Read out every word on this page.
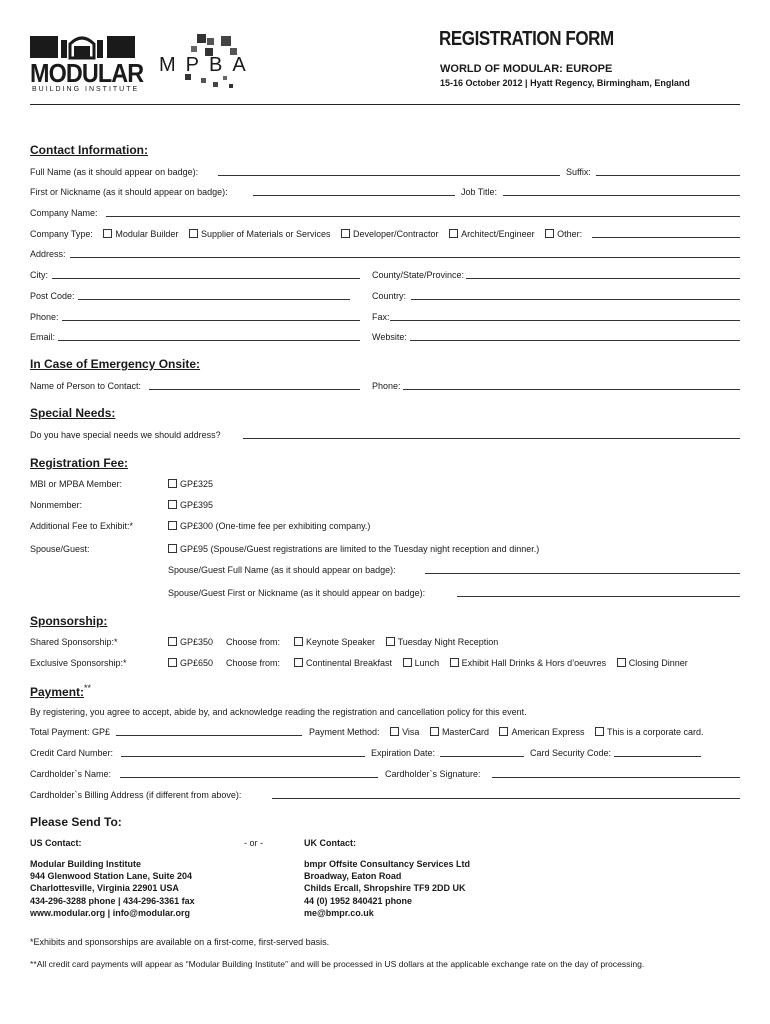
MODULAR
BUILDING INSTITUTE
MPBA
REGISTRATION FORM
WORLD OF MODULAR: EUROPE
15-16 October 2012 | Hyatt Regency, Birmingham, England
Contact Information:
Full Name (as it should appear on badge):	Suffix:
First or Nickname (as it should appear on badge):	Job Title:
Company Name:
Company Type:	Modular Builder	Supplier of Materials or Services	Developer/Contractor	Architect/Engineer	Other:
Address:
City:	County/State/Province:
Post Code:	Country:
Phone:	Fax:
Email:	Website:
In Case of Emergency Onsite:
Name of Person to Contact:	Phone:
Special Needs:
Do you have special needs we should address?
Registration Fee:
MBI or MPBA Member:	GP£325
Nonmember:	GP£395
Additional Fee to Exhibit:*	GP£300 (One-time fee per exhibiting company.)
Spouse/Guest:	GP£95 (Spouse/Guest registrations are limited to the Tuesday night reception and dinner.)
Spouse/Guest Full Name (as it should appear on badge):
Spouse/Guest First or Nickname (as it should appear on badge):
Sponsorship:
Shared Sponsorship:*	GP£350 Choose from:	Keynote Speaker	Tuesday Night Reception
Exclusive Sponsorship:*	GP£650 Choose from:	Continental Breakfast	Lunch	Exhibit Hall Drinks & Hors d’oeuvres	Closing Dinner
Payment:**
By registering, you agree to accept, abide by, and acknowledge reading the registration and cancellation policy for this event.
Total Payment: GP£	Payment Method:	Visa	MasterCard	American Express	This is a corporate card.
Credit Card Number:	Expiration Date:	Card Security Code:
Cardholder`s Name:	Cardholder`s Signature:
Cardholder`s Billing Address (if different from above):
Please Send To:
US Contact:	- or -	UK Contact:
Modular Building Institute
944 Glenwood Station Lane, Suite 204
Charlottesville, Virginia 22901 USA
434-296-3288 phone | 434-296-3361 fax
www.modular.org | info@modular.org
bmpr Offsite Consultancy Services Ltd
Broadway, Eaton Road
Childs Ercall, Shropshire TF9 2DD UK
44 (0) 1952 840421 phone
me@bmpr.co.uk
*Exhibits and sponsorships are available on a first-come, first-served basis.
**All credit card payments will appear as “Modular Building Institute” and will be processed in US dollars at the applicable exchange rate on the day of processing.
